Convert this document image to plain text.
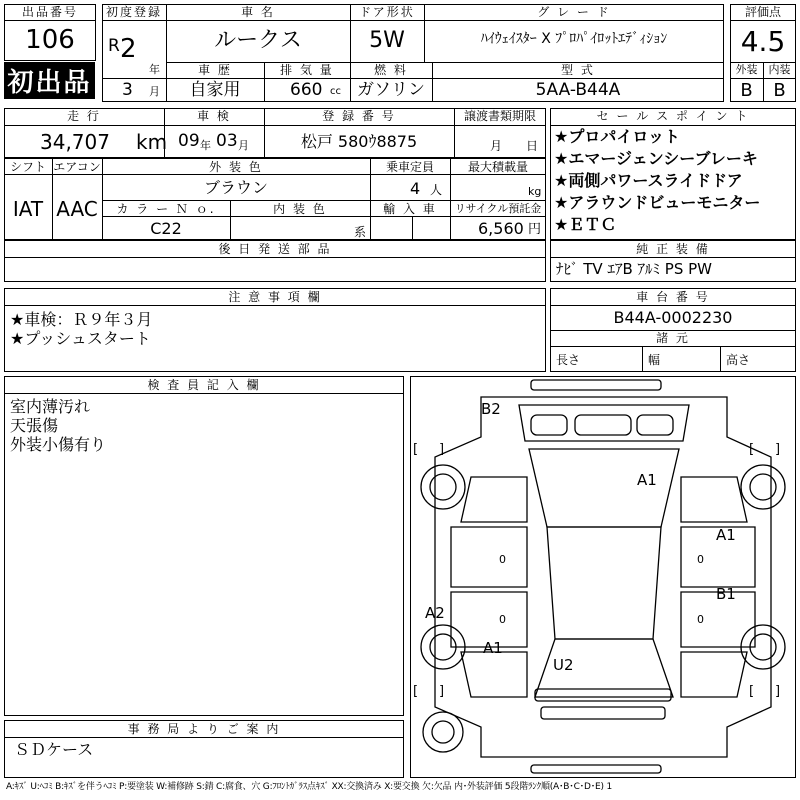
出品番号
106
初出品
初度登録
R 2
年
3 月
車 名
ルークス
車 歴
自家用
排 気 量
660 cc
ドア形状
5W
燃 料
ガソリン
グ レ ー ド
ﾊｲｳｪｲｽﾀｰ X ﾌﾟﾛﾊﾟｲﾛｯﾄｴﾃﾞｨｼｮﾝ
型 式
5AA-B44A
評価点
4.5
外装	内装
B	B
走 行
34,707 km
車 検
09 年 03 月
登 録 番 号
松戸 580ｳ8875
譲渡書類期限
月 日
セ ー ル ス ポ イ ン ト
★プロパイロット
★エマージェンシーブレーキ
★両側パワースライドドア
★アラウンドビューモニター
★ＥＴＣ
シフト
IAT
エアコン
AAC
外 装 色
ブラウン
乗車定員
4 人
最大積載量
kg
カ ラ ー Ｎ ｏ.
C22
内 装 色
系
輸 入 車	リサイクル預託金
6,560 円
後 日 発 送 部 品	純 正 装 備
ﾅﾋﾞ TV ｴｱB ｱﾙﾐ PS PW
注 意 事 項 欄
★車検：Ｒ９年３月
★プッシュスタート
車 台 番 号
B44A-0002230
諸 元
長さ	幅	高さ
検 査 員 記 入 欄
室内薄汚れ
天張傷
外装小傷有り
事 務 局 よ り ご 案 内
ＳＤケース
B2
A1
A1
B1
A2
A1
U2
0
0
0
0
[ ]	[ ]
[ ]	[ ]
A:ｷｽﾞ U:ﾍｺﾐ B:ｷｽﾞを伴うﾍｺﾐ P:要塗装 W:補修跡 S:錆 C:腐食、穴 G:ﾌﾛﾝﾄｶﾞﾗｽ点ｷｽﾞ XX:交換済み X:要交換 欠:欠品 内･外装評価 5段階ﾗﾝｸ順(A･B･C･D･E) 1
